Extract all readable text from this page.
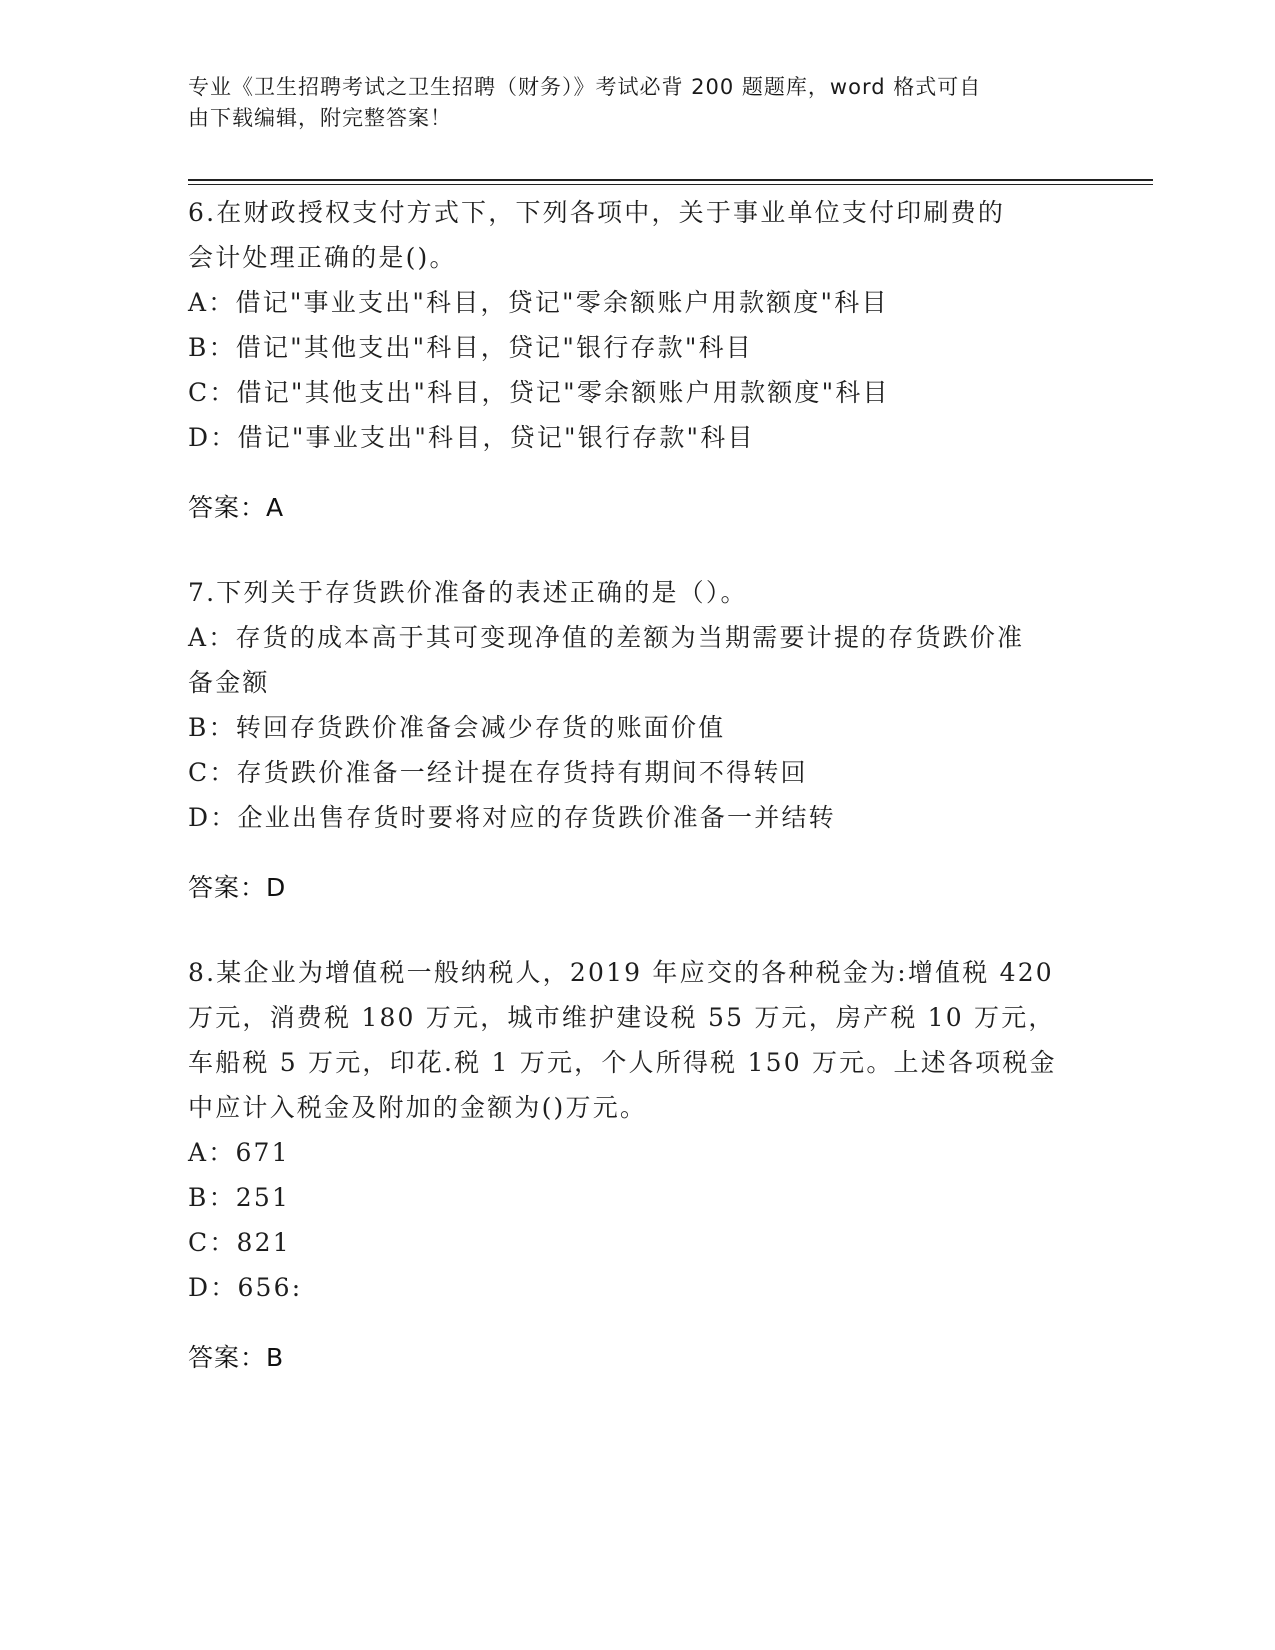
专业《卫生招聘考试之卫生招聘（财务）》考试必背 200 题题库，word 格式可自
由下载编辑，附完整答案！

6.在财政授权支付方式下，下列各项中，关于事业单位支付印刷费的

会计处理正确的是()。

A：借记"事业支出"科目，贷记"零余额账户用款额度"科目

B：借记"其他支出"科目，贷记"银行存款"科目

C：借记"其他支出"科目，贷记"零余额账户用款额度"科目

D：借记"事业支出"科目，贷记"银行存款"科目

答案：A

7.下列关于存货跌价准备的表述正确的是（）。

A：存货的成本高于其可变现净值的差额为当期需要计提的存货跌价准

备金额

B：转回存货跌价准备会减少存货的账面价值

C：存货跌价准备一经计提在存货持有期间不得转回

D：企业出售存货时要将对应的存货跌价准备一并结转

答案：D

8.某企业为增值税一般纳税人，2019 年应交的各种税金为:增值税 420

万元，消费税 180 万元，城市维护建设税 55 万元，房产税 10 万元，

车船税 5 万元，印花.税 1 万元，个人所得税 150 万元。上述各项税金

中应计入税金及附加的金额为()万元。

A：671

B：251

C：821

D：656:

答案：B
